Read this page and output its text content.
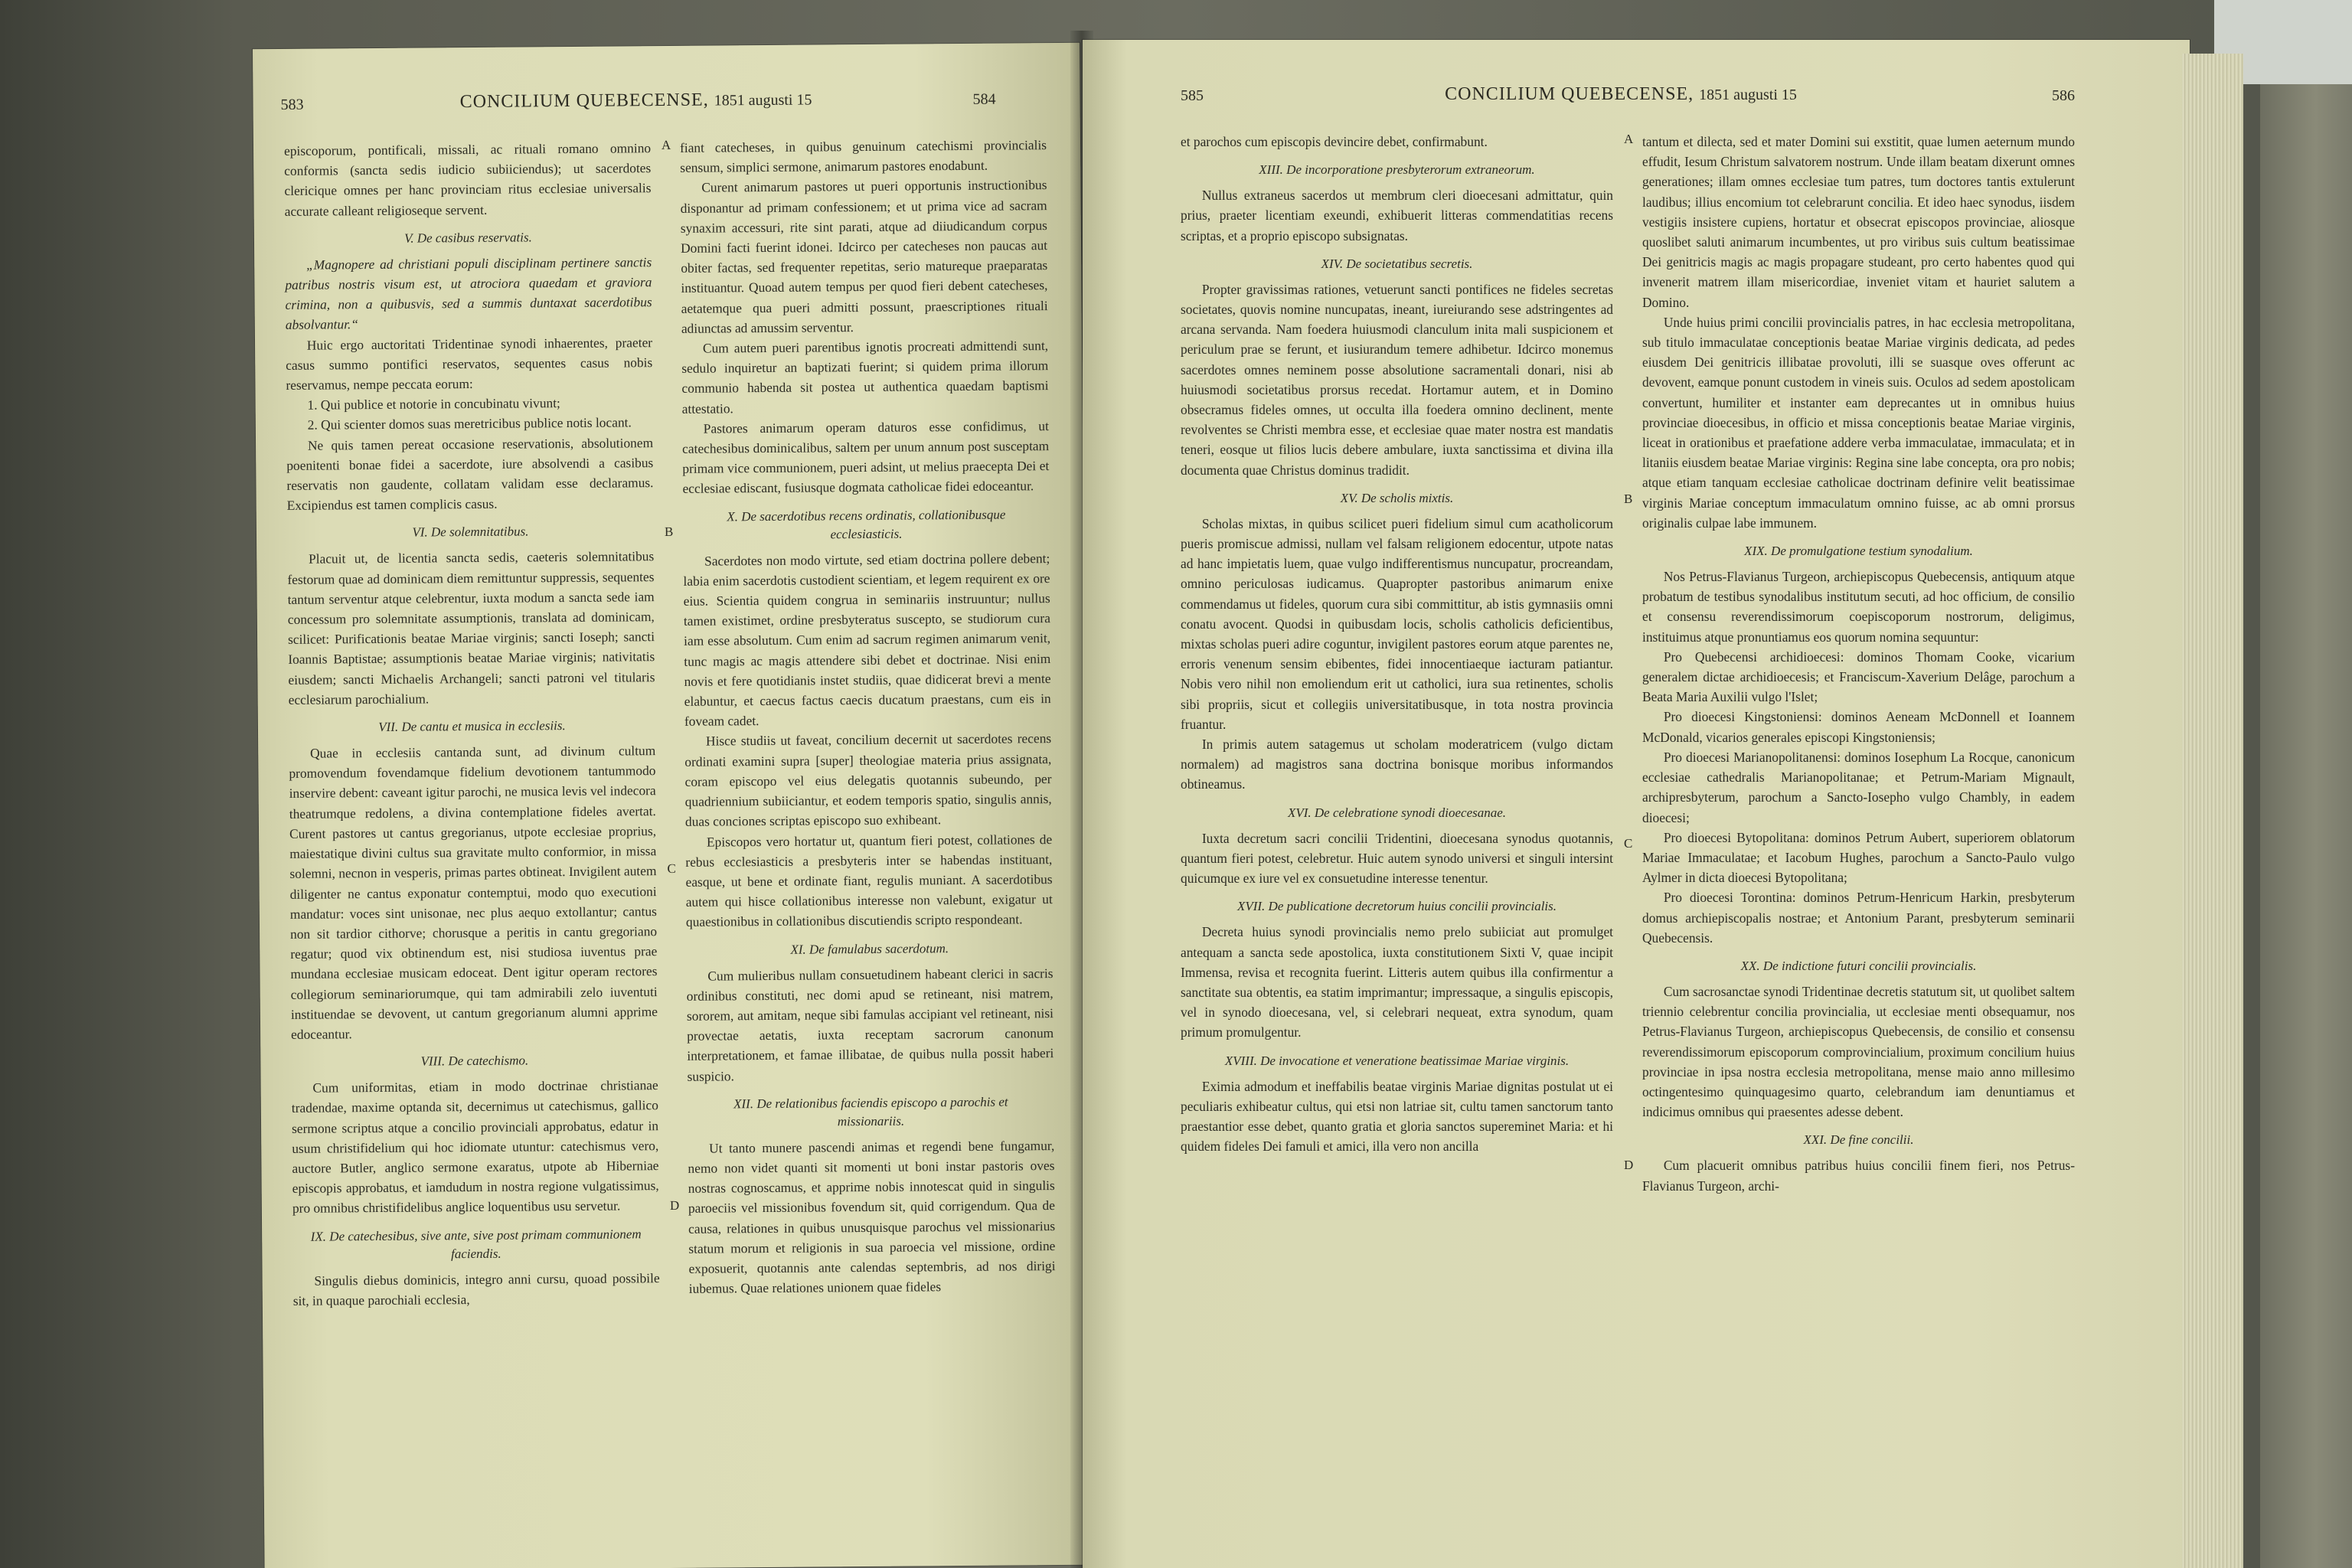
583	CONCILIUM QUEBECENSE, 1851 augusti 15	584

episcoporum, pontificali, missali, ac rituali romano omnino conformis (sancta sedis iudicio subiiciendus); ut sacerdotes clericique omnes per hanc provinciam ritus ecclesiae universalis accurate calleant religioseque servent.

V. De casibus reservatis.

„Magnopere ad christiani populi disciplinam pertinere sanctis patribus nostris visum est, ut atrociora quaedam et graviora crimina, non a quibusvis, sed a summis duntaxat sacerdotibus absolvantur.“

Huic ergo auctoritati Tridentinae synodi inhaerentes, praeter casus summo pontifici reservatos, sequentes casus nobis reservamus, nempe peccata eorum:

1. Qui publice et notorie in concubinatu vivunt;

2. Qui scienter domos suas meretricibus publice notis locant.

Ne quis tamen pereat occasione reservationis, absolutionem poenitenti bonae fidei a sacerdote, iure absolvendi a casibus reservatis non gaudente, collatam validam esse declaramus. Excipiendus est tamen complicis casus.

VI. De solemnitatibus.

Placuit ut, de licentia sancta sedis, caeteris solemnitatibus festorum quae ad dominicam diem remittuntur suppressis, sequentes tantum serventur atque celebrentur, iuxta modum a sancta sede iam concessum pro solemnitate assumptionis, translata ad dominicam, scilicet: Purificationis beatae Mariae virginis; sancti Ioseph; sancti Ioannis Baptistae; assumptionis beatae Mariae virginis; nativitatis eiusdem; sancti Michaelis Archangeli; sancti patroni vel titularis ecclesiarum parochialium.

VII. De cantu et musica in ecclesiis.

Quae in ecclesiis cantanda sunt, ad divinum cultum promovendum fovendamque fidelium devotionem tantummodo inservire debent: caveant igitur parochi, ne musica levis vel indecora theatrumque redolens, a divina contemplatione fideles avertat. Curent pastores ut cantus gregorianus, utpote ecclesiae proprius, maiestatique divini cultus sua gravitate multo conformior, in missa solemni, necnon in vesperis, primas partes obtineat. Invigilent autem diligenter ne cantus exponatur contemptui, modo quo executioni mandatur: voces sint unisonae, nec plus aequo extollantur; cantus non sit tardior cithorve; chorusque a peritis in cantu gregoriano regatur; quod vix obtinendum est, nisi studiosa iuventus prae mundana ecclesiae musicam edoceat. Dent igitur operam rectores collegiorum seminariorumque, qui tam admirabili zelo iuventuti instituendae se devovent, ut cantum gregorianum alumni apprime edoceantur.

VIII. De catechismo.

Cum uniformitas, etiam in modo doctrinae christianae tradendae, maxime optanda sit, decernimus ut catechismus, gallico sermone scriptus atque a concilio provinciali approbatus, edatur in usum christifidelium qui hoc idiomate utuntur: catechismus vero, auctore Butler, anglico sermone exaratus, utpote ab Hiberniae episcopis approbatus, et iamdudum in nostra regione vulgatissimus, pro omnibus christifidelibus anglice loquentibus usu servetur.

IX. De catechesibus, sive ante, sive post primam communionem faciendis.

Singulis diebus dominicis, integro anni cursu, quoad possibile sit, in quaque parochiali ecclesia,

A
B
C
D

fiant catecheses, in quibus genuinum catechismi provincialis sensum, simplici sermone, animarum pastores enodabunt.

Curent animarum pastores ut pueri opportunis instructionibus disponantur ad primam confessionem; et ut prima vice ad sacram synaxim accessuri, rite sint parati, atque ad diiudicandum corpus Domini facti fuerint idonei. Idcirco per catecheses non paucas aut obiter factas, sed frequenter repetitas, serio matureque praeparatas instituantur. Quoad autem tempus per quod fieri debent catecheses, aetatemque qua pueri admitti possunt, praescriptiones rituali adiunctas ad amussim serventur.

Cum autem pueri parentibus ignotis procreati admittendi sunt, sedulo inquiretur an baptizati fuerint; si quidem prima illorum communio habenda sit postea ut authentica quaedam baptismi attestatio.

Pastores animarum operam daturos esse confidimus, ut catechesibus dominicalibus, saltem per unum annum post susceptam primam vice communionem, pueri adsint, ut melius praecepta Dei et ecclesiae ediscant, fusiusque dogmata catholicae fidei edoceantur.

X. De sacerdotibus recens ordinatis, collationibusque ecclesiasticis.

Sacerdotes non modo virtute, sed etiam doctrina pollere debent; labia enim sacerdotis custodient scientiam, et legem requirent ex ore eius. Scientia quidem congrua in seminariis instruuntur; nullus tamen existimet, ordine presbyteratus suscepto, se studiorum cura iam esse absolutum. Cum enim ad sacrum regimen animarum venit, tunc magis ac magis attendere sibi debet et doctrinae. Nisi enim novis et fere quotidianis instet studiis, quae didicerat brevi a mente elabuntur, et caecus factus caecis ducatum praestans, cum eis in foveam cadet.

Hisce studiis ut faveat, concilium decernit ut sacerdotes recens ordinati examini supra [super] theologiae materia prius assignata, coram episcopo vel eius delegatis quotannis subeundo, per quadriennium subiiciantur, et eodem temporis spatio, singulis annis, duas conciones scriptas episcopo suo exhibeant.

Episcopos vero hortatur ut, quantum fieri potest, collationes de rebus ecclesiasticis a presbyteris inter se habendas instituant, easque, ut bene et ordinate fiant, regulis muniant. A sacerdotibus autem qui hisce collationibus interesse non valebunt, exigatur ut quaestionibus in collationibus discutiendis scripto respondeant.

XI. De famulabus sacerdotum.

Cum mulieribus nullam consuetudinem habeant clerici in sacris ordinibus constituti, nec domi apud se retineant, nisi matrem, sororem, aut amitam, neque sibi famulas accipiant vel retineant, nisi provectae aetatis, iuxta receptam sacrorum canonum interpretationem, et famae illibatae, de quibus nulla possit haberi suspicio.

XII. De relationibus faciendis episcopo a parochis et missionariis.

Ut tanto munere pascendi animas et regendi bene fungamur, nemo non videt quanti sit momenti ut boni instar pastoris oves nostras cognoscamus, et apprime nobis innotescat quid in singulis paroeciis vel missionibus fovendum sit, quid corrigendum. Qua de causa, relationes in quibus unusquisque parochus vel missionarius statum morum et religionis in sua paroecia vel missione, ordine exposuerit, quotannis ante calendas septembris, ad nos dirigi iubemus. Quae relationes unionem quae fideles

585	CONCILIUM QUEBECENSE, 1851 augusti 15	586

et parochos cum episcopis devincire debet, confirmabunt.

XIII. De incorporatione presbyterorum extraneorum.

Nullus extraneus sacerdos ut membrum cleri dioecesani admittatur, quin prius, praeter licentiam exeundi, exhibuerit litteras commendatitias recens scriptas, et a proprio episcopo subsignatas.

XIV. De societatibus secretis.

Propter gravissimas rationes, vetuerunt sancti pontifices ne fideles secretas societates, quovis nomine nuncupatas, ineant, iureiurando sese adstringentes ad arcana servanda. Nam foedera huiusmodi clanculum inita mali suspicionem et periculum prae se ferunt, et iusiurandum temere adhibetur. Idcirco monemus sacerdotes omnes neminem posse absolutione sacramentali donari, nisi ab huiusmodi societatibus prorsus recedat. Hortamur autem, et in Domino obsecramus fideles omnes, ut occulta illa foedera omnino declinent, mente revolventes se Christi membra esse, et ecclesiae quae mater nostra est mandatis teneri, eosque ut filios lucis debere ambulare, iuxta sanctissima et divina illa documenta quae Christus dominus tradidit.

XV. De scholis mixtis.

Scholas mixtas, in quibus scilicet pueri fidelium simul cum acatholicorum pueris promiscue admissi, nullam vel falsam religionem edocentur, utpote natas ad hanc impietatis luem, quae vulgo indifferentismus nuncupatur, procreandam, omnino periculosas iudicamus. Quapropter pastoribus animarum enixe commendamus ut fideles, quorum cura sibi committitur, ab istis gymnasiis omni conatu avocent. Quodsi in quibusdam locis, scholis catholicis deficientibus, mixtas scholas pueri adire coguntur, invigilent pastores eorum atque parentes ne, erroris venenum sensim ebibentes, fidei innocentiaeque iacturam patiantur. Nobis vero nihil non emoliendum erit ut catholici, iura sua retinentes, scholis sibi propriis, sicut et collegiis universitatibusque, in tota nostra provincia fruantur.

In primis autem satagemus ut scholam moderatricem (vulgo dictam normalem) ad magistros sana doctrina bonisque moribus informandos obtineamus.

XVI. De celebratione synodi dioecesanae.

Iuxta decretum sacri concilii Tridentini, dioecesana synodus quotannis, quantum fieri potest, celebretur. Huic autem synodo universi et singuli intersint quicumque ex iure vel ex consuetudine interesse tenentur.

XVII. De publicatione decretorum huius concilii provincialis.

Decreta huius synodi provincialis nemo prelo subiiciat aut promulget antequam a sancta sede apostolica, iuxta constitutionem Sixti V, quae incipit Immensa, revisa et recognita fuerint. Litteris autem quibus illa confirmentur a sanctitate sua obtentis, ea statim imprimantur; impressaque, a singulis episcopis, vel in synodo dioecesana, vel, si celebrari nequeat, extra synodum, quam primum promulgentur.

XVIII. De invocatione et veneratione beatissimae Mariae virginis.

Eximia admodum et ineffabilis beatae virginis Mariae dignitas postulat ut ei peculiaris exhibeatur cultus, qui etsi non latriae sit, cultu tamen sanctorum tanto praestantior esse debet, quanto gratia et gloria sanctos supereminet Maria: et hi quidem fideles Dei famuli et amici, illa vero non ancilla

A
B
C
D

tantum et dilecta, sed et mater Domini sui exstitit, quae lumen aeternum mundo effudit, Iesum Christum salvatorem nostrum. Unde illam beatam dixerunt omnes generationes; illam omnes ecclesiae tum patres, tum doctores tantis extulerunt laudibus; illius encomium tot celebrarunt concilia. Et ideo haec synodus, iisdem vestigiis insistere cupiens, hortatur et obsecrat episcopos provinciae, aliosque quoslibet saluti animarum incumbentes, ut pro viribus suis cultum beatissimae Dei genitricis magis ac magis propagare studeant, pro certo habentes quod qui invenerit matrem illam misericordiae, inveniet vitam et hauriet salutem a Domino.

Unde huius primi concilii provincialis patres, in hac ecclesia metropolitana, sub titulo immaculatae conceptionis beatae Mariae virginis dedicata, ad pedes eiusdem Dei genitricis illibatae provoluti, illi se suasque oves offerunt ac devovent, eamque ponunt custodem in vineis suis. Oculos ad sedem apostolicam convertunt, humiliter et instanter eam deprecantes ut in omnibus huius provinciae dioecesibus, in officio et missa conceptionis beatae Mariae virginis, liceat in orationibus et praefatione addere verba immaculatae, immaculata; et in litaniis eiusdem beatae Mariae virginis: Regina sine labe concepta, ora pro nobis; atque etiam tanquam ecclesiae catholicae doctrinam definire velit beatissimae virginis Mariae conceptum immaculatum omnino fuisse, ac ab omni prorsus originalis culpae labe immunem.

XIX. De promulgatione testium synodalium.

Nos Petrus-Flavianus Turgeon, archiepiscopus Quebecensis, antiquum atque probatum de testibus synodalibus institutum secuti, ad hoc officium, de consilio et consensu reverendissimorum coepiscoporum nostrorum, deligimus, instituimus atque pronuntiamus eos quorum nomina sequuntur:

Pro Quebecensi archidioecesi: dominos Thomam Cooke, vicarium generalem dictae archidioecesis; et Franciscum-Xaverium Delâge, parochum a Beata Maria Auxilii vulgo l'Islet;

Pro dioecesi Kingstoniensi: dominos Aeneam McDonnell et Ioannem McDonald, vicarios generales episcopi Kingstoniensis;

Pro dioecesi Marianopolitanensi: dominos Iosephum La Rocque, canonicum ecclesiae cathedralis Marianopolitanae; et Petrum-Mariam Mignault, archipresbyterum, parochum a Sancto-Iosepho vulgo Chambly, in eadem dioecesi;

Pro dioecesi Bytopolitana: dominos Petrum Aubert, superiorem oblatorum Mariae Immaculatae; et Iacobum Hughes, parochum a Sancto-Paulo vulgo Aylmer in dicta dioecesi Bytopolitana;

Pro dioecesi Torontina: dominos Petrum-Henricum Harkin, presbyterum domus archiepiscopalis nostrae; et Antonium Parant, presbyterum seminarii Quebecensis.

XX. De indictione futuri concilii provincialis.

Cum sacrosanctae synodi Tridentinae decretis statutum sit, ut quolibet saltem triennio celebrentur concilia provincialia, ut ecclesiae menti obsequamur, nos Petrus-Flavianus Turgeon, archiepiscopus Quebecensis, de consilio et consensu reverendissimorum episcoporum comprovincialium, proximum concilium huius provinciae in ipsa nostra ecclesia metropolitana, mense maio anno millesimo octingentesimo quinquagesimo quarto, celebrandum iam denuntiamus et indicimus omnibus qui praesentes adesse debent.

XXI. De fine concilii.

Cum placuerit omnibus patribus huius concilii finem fieri, nos Petrus-Flavianus Turgeon, archi-
